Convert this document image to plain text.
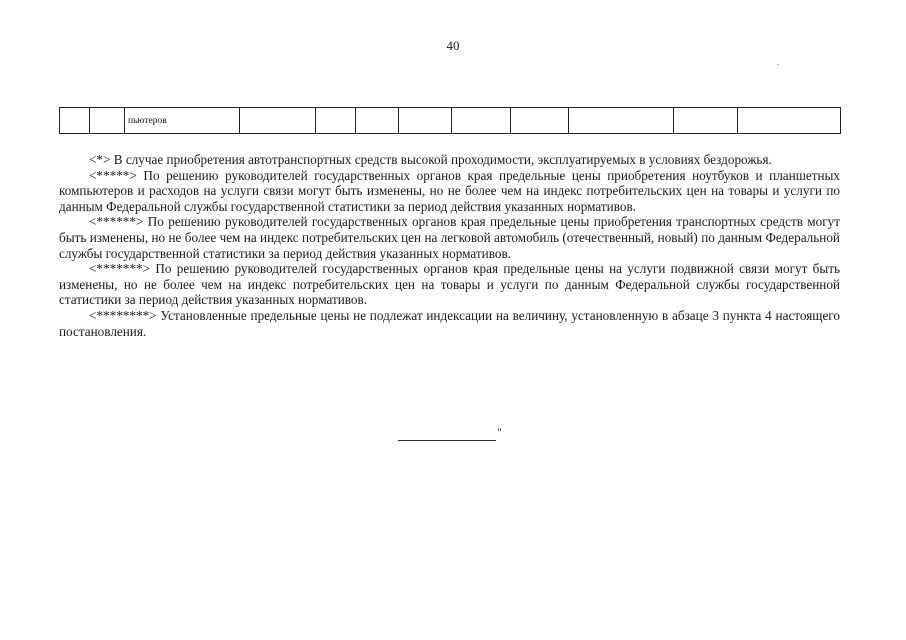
40
		пьютеров									

<*> В случае приобретения автотранспортных средств высокой проходимости, эксплуатируемых в условиях бездорожья.

<*****> По решению руководителей государственных органов края предельные цены приобретения ноутбуков и планшетных компьютеров и расходов на услуги связи могут быть изменены, но не более чем на индекс потребительских цен на товары и услуги по данным Федеральной службы государственной статистики за период действия указанных нормативов.

<******> По решению руководителей государственных органов края предельные цены приобретения транспортных средств могут быть изменены, но не более чем на индекс потребительских цен на легковой автомобиль (отечественный, новый) по данным Федеральной службы государственной статистики за период действия указанных нормативов.

<*******> По решению руководителей государственных органов края предельные цены на услуги подвижной связи могут быть изменены, но не более чем на индекс потребительских цен на товары и услуги по данным Федеральной службы государственной статистики за период действия указанных нормативов.

<********> Установленные предельные цены не подлежат индексации на величину, установленную в абзаце 3 пункта 4 настоящего постановления.

"
